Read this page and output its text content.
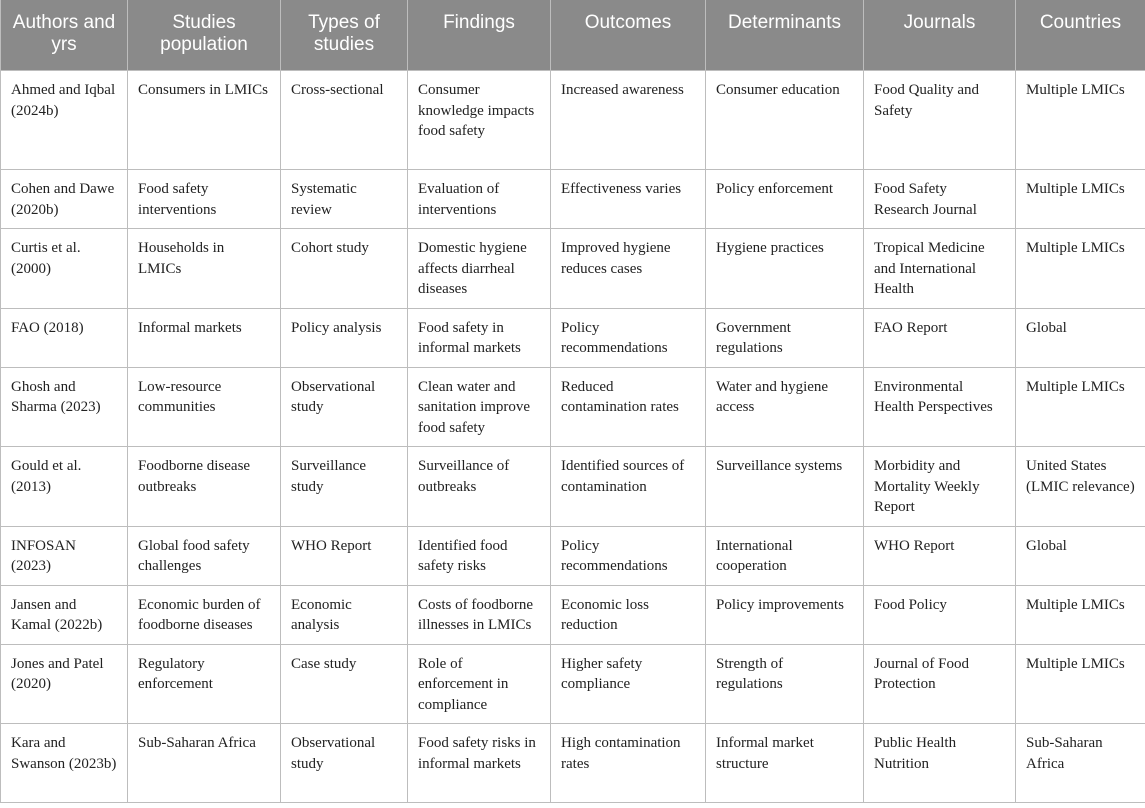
Authors and yrs	Studies population	Types of studies	Findings	Outcomes	Determinants	Journals	Countries
Ahmed and Iqbal (2024b)	Consumers in LMICs	Cross-sectional	Consumer knowledge impacts food safety	Increased awareness	Consumer education	Food Quality and Safety	Multiple LMICs
Cohen and Dawe (2020b)	Food safety interventions	Systematic review	Evaluation of interventions	Effectiveness varies	Policy enforcement	Food Safety Research Journal	Multiple LMICs
Curtis et al. (2000)	Households in LMICs	Cohort study	Domestic hygiene affects diarrheal diseases	Improved hygiene reduces cases	Hygiene practices	Tropical Medicine and International Health	Multiple LMICs
FAO (2018)	Informal markets	Policy analysis	Food safety in informal markets	Policy recommendations	Government regulations	FAO Report	Global
Ghosh and Sharma (2023)	Low-resource communities	Observational study	Clean water and sanitation improve food safety	Reduced contamination rates	Water and hygiene access	Environmental Health Perspectives	Multiple LMICs
Gould et al. (2013)	Foodborne disease outbreaks	Surveillance study	Surveillance of outbreaks	Identified sources of contamination	Surveillance systems	Morbidity and Mortality Weekly Report	United States (LMIC relevance)
INFOSAN (2023)	Global food safety challenges	WHO Report	Identified food safety risks	Policy recommendations	International cooperation	WHO Report	Global
Jansen and Kamal (2022b)	Economic burden of foodborne diseases	Economic analysis	Costs of foodborne illnesses in LMICs	Economic loss reduction	Policy improvements	Food Policy	Multiple LMICs
Jones and Patel (2020)	Regulatory enforcement	Case study	Role of enforcement in compliance	Higher safety compliance	Strength of regulations	Journal of Food Protection	Multiple LMICs
Kara and Swanson (2023b)	Sub-Saharan Africa	Observational study	Food safety risks in informal markets	High contamination rates	Informal market structure	Public Health Nutrition	Sub-Saharan Africa
